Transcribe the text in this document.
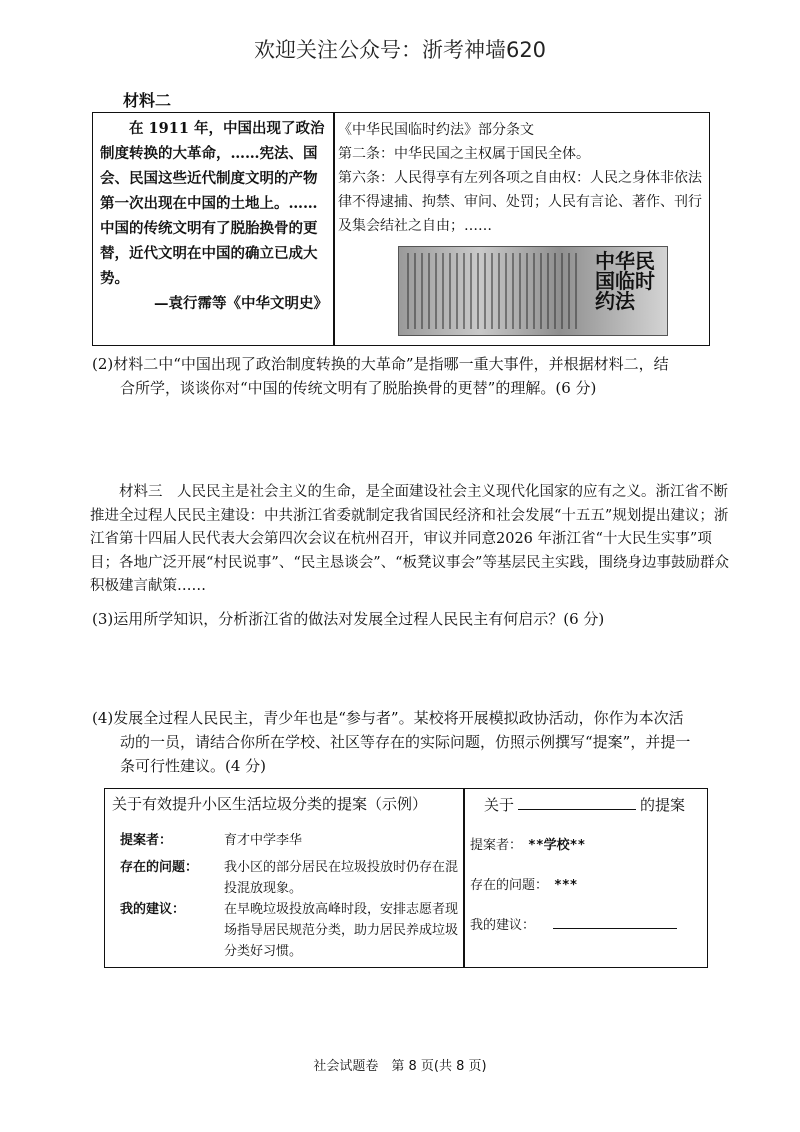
欢迎关注公众号：浙考神墙620
材料二
在 1911 年，中国出现了政治制度转换的大革命，……宪法、国会、民国这些近代制度文明的产物第一次出现在中国的土地上。……中国的传统文明有了脱胎换骨的更替，近代文明在中国的确立已成大势。
—袁行霈等《中华文明史》

《中华民国临时约法》部分条文

第二条：中华民国之主权属于国民全体。

第六条：人民得享有左列各项之自由权：人民之身体非依法律不得逮捕、拘禁、审问、处罚；人民有言论、著作、刊行及集会结社之自由；……

中华民国临时约法
(2)材料二中“中国出现了政治制度转换的大革命”是指哪一重大事件，并根据材料二，结
合所学，谈谈你对“中国的传统文明有了脱胎换骨的更替”的理解。(6 分)
材料三　 人民民主是社会主义的生命，是全面建设社会主义现代化国家的应有之义。浙江省不断推进全过程人民民主建设：中共浙江省委就制定我省国民经济和社会发展“十五五”规划提出建议；浙江省第十四届人民代表大会第四次会议在杭州召开，审议并同意2026 年浙江省“十大民生实事”项目；各地广泛开展“村民说事”、“民主恳谈会”、“板凳议事会”等基层民主实践，围绕身边事鼓励群众积极建言献策……
(3)运用所学知识，分析浙江省的做法对发展全过程人民民主有何启示？(6 分)
(4)发展全过程人民民主，青少年也是“参与者”。某校将开展模拟政协活动，你作为本次活
动的一员，请结合你所在学校、社区等存在的实际问题，仿照示例撰写“提案”，并提一
条可行性建议。(4 分)
关于有效提升小区生活垃圾分类的提案（示例）
提案者：	育才中学李华
存在的问题：	我小区的部分居民在垃圾投放时仍存在混投混放现象。
我的建议：	在早晚垃圾投放高峰时段，安排志愿者现场指导居民规范分类，助力居民养成垃圾分类好习惯。
关于	的提案
提案者： **学校**
存在的问题： ***
我的建议：
社会试题卷　第 8 页(共 8 页)
